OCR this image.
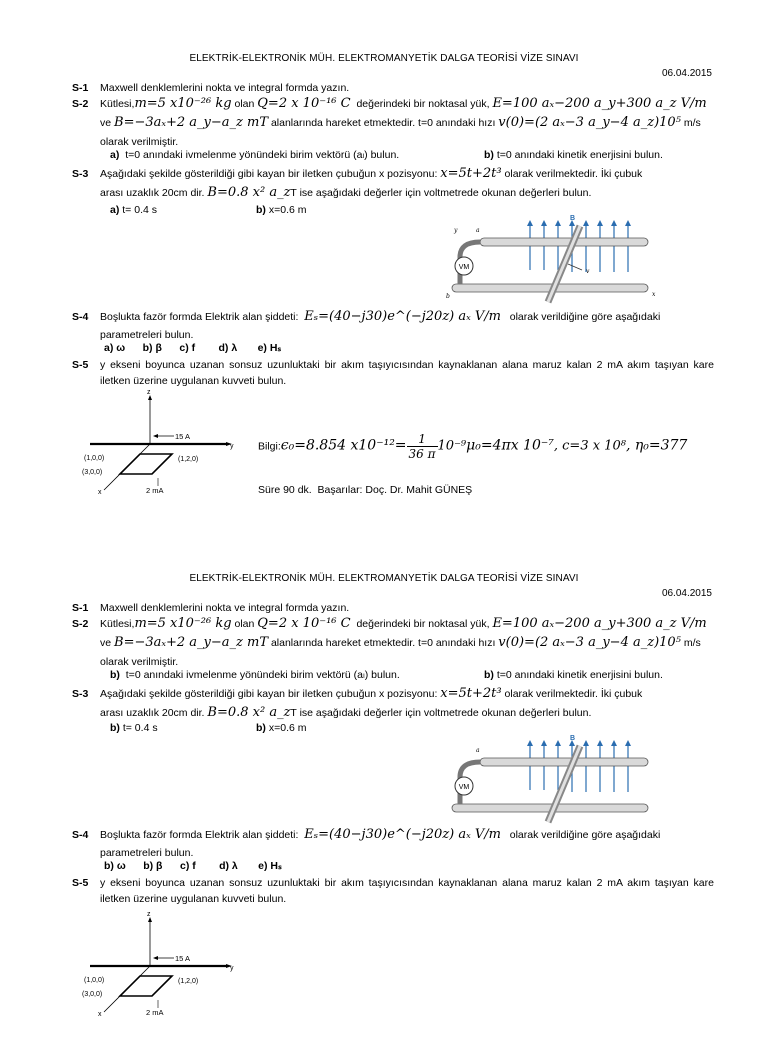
ELEKTRİK-ELEKTRONİK MÜH. ELEKTROMANYETİK DALGA TEORİSİ VİZE SINAVI
06.04.2015
S-1 Maxwell denklemlerini nokta ve integral formda yazın.
S-2 Kütlesi,m=5 x10⁻²⁶ kg olan Q=2 x 10⁻¹⁶ C değerindeki bir noktasal yük, E=100 aₓ−200 a_y+300 a_z V/m
ve B=−3aₓ+2 a_y−a_z mT alanlarında hareket etmektedir. t=0 anındaki hızı v(0)=(2 aₓ−3 a_y−4 a_z)10⁵ m/s
olarak verilmiştir.
a) t=0 anındaki ivmelenme yönündeki birim vektörü (aₗ) bulun.	b) t=0 anındaki kinetik enerjisini bulun.
S-3 Aşağıdaki şekilde gösterildiği gibi kayan bir iletken çubuğun x pozisyonu: x=5t+2t³ olarak verilmektedir. İki çubuk
arası uzaklık 20cm dir. B=0.8 x² a_zT ise aşağıdaki değerler için voltmetrede okunan değerleri bulun.
a) t= 0.4 s	b) x=0.6 m
VM
B
a
b
v
x
y
S-4 Boşlukta fazör formda Elektrik alan şiddeti: Eₛ=(40−j30)e^(−j20z) aₓ V/m olarak verildiğine göre aşağıdaki
parametreleri bulun.
a) ω b) β c) f d) λ e) Hₛ
S-5 y ekseni boyunca uzanan sonsuz uzunluktaki bir akım taşıyıcısından kaynaklanan alana maruz kalan 2 mA akım taşıyan kare iletken üzerine uygulanan kuvveti bulun.
z
y
15 A
x
(1,0,0)
(3,0,0)
(1,2,0)
2 mA
Bilgi:ϵ₀=8.854 $x10^{-12}= \frac{1}{36 \pi} 10^{-9}\mu_0=4\pi x$ 10⁻⁷, c=3 x 10⁸, η₀=377
Süre 90 dk. Başarılar: Doç. Dr. Mahit GÜNEŞ
ELEKTRİK-ELEKTRONİK MÜH. ELEKTROMANYETİK DALGA TEORİSİ VİZE SINAVI
06.04.2015
S-1 Maxwell denklemlerini nokta ve integral formda yazın.
S-2 Kütlesi,m=5 x10⁻²⁶ kg olan Q=2 x 10⁻¹⁶ C değerindeki bir noktasal yük, E=100 aₓ−200 a_y+300 a_z V/m
ve B=−3aₓ+2 a_y−a_z mT alanlarında hareket etmektedir. t=0 anındaki hızı v(0)=(2 aₓ−3 a_y−4 a_z)10⁵ m/s
olarak verilmiştir.
b) t=0 anındaki ivmelenme yönündeki birim vektörü (aₗ) bulun.	b) t=0 anındaki kinetik enerjisini bulun.
S-3 Aşağıdaki şekilde gösterildiği gibi kayan bir iletken çubuğun x pozisyonu: x=5t+2t³ olarak verilmektedir. İki çubuk
arası uzaklık 20cm dir. B=0.8 x² a_zT ise aşağıdaki değerler için voltmetrede okunan değerleri bulun.
b) t= 0.4 s	b) x=0.6 m
VM
B
a
S-4 Boşlukta fazör formda Elektrik alan şiddeti: Eₛ=(40−j30)e^(−j20z) aₓ V/m olarak verildiğine göre aşağıdaki
parametreleri bulun.
b) ω b) β c) f d) λ e) Hₛ
S-5 y ekseni boyunca uzanan sonsuz uzunluktaki bir akım taşıyıcısından kaynaklanan alana maruz kalan 2 mA akım taşıyan kare iletken üzerine uygulanan kuvveti bulun.
z
y
15 A
x
(1,0,0)
(3,0,0)
(1,2,0)
2 mA
